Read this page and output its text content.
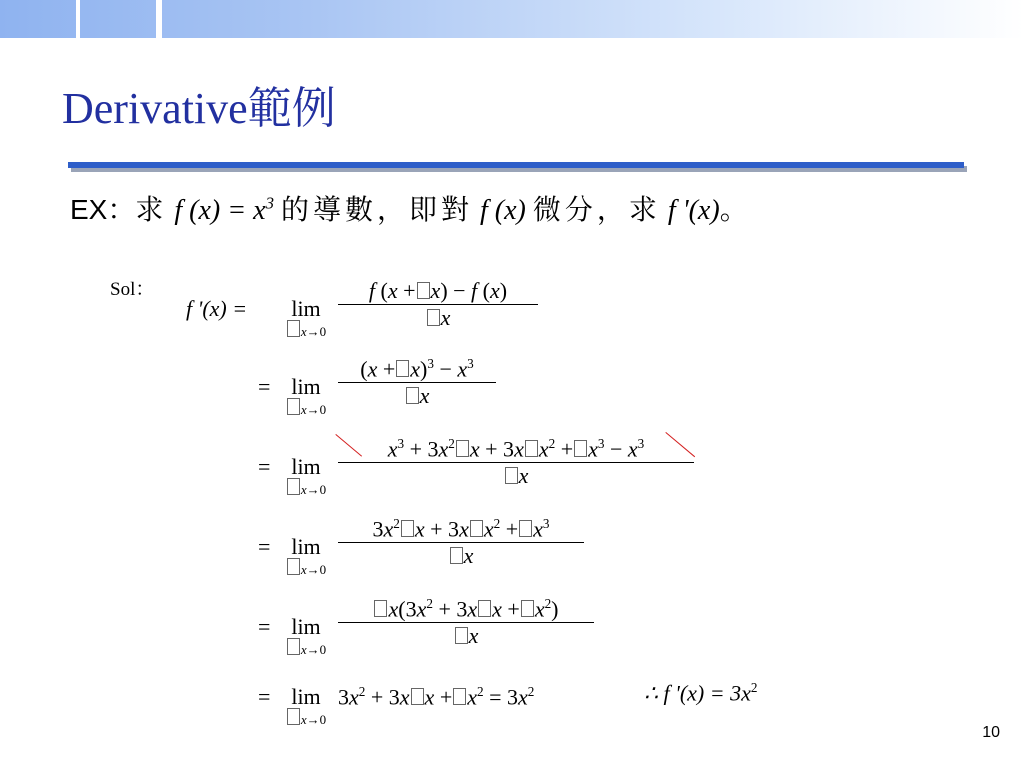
Derivative範例
EX：求 f $(x) = x^3$ 的導數，即對 f (x) 微分，求 f '(x)。
Sol：
f '(x) =	lim
x→0
f (x + x) − f (x)
x
= lim
x→0
$(x + x)^3 - x^3$
x
= lim
x→0
$x^3 + 3x^2$ x + 3x $x^2 + x^3 - x^3$
x
= lim
x→0
$3x^2$ x + 3x $x^2 + x^3$
x
= lim
x→0
$x(3x^2 + 3x$ $x + x^2$)
x
= lim
x→0
$3x^2 + 3x$ $x + x^2 = 3x^2$	∴ f '$(x) = 3x^2$
10
